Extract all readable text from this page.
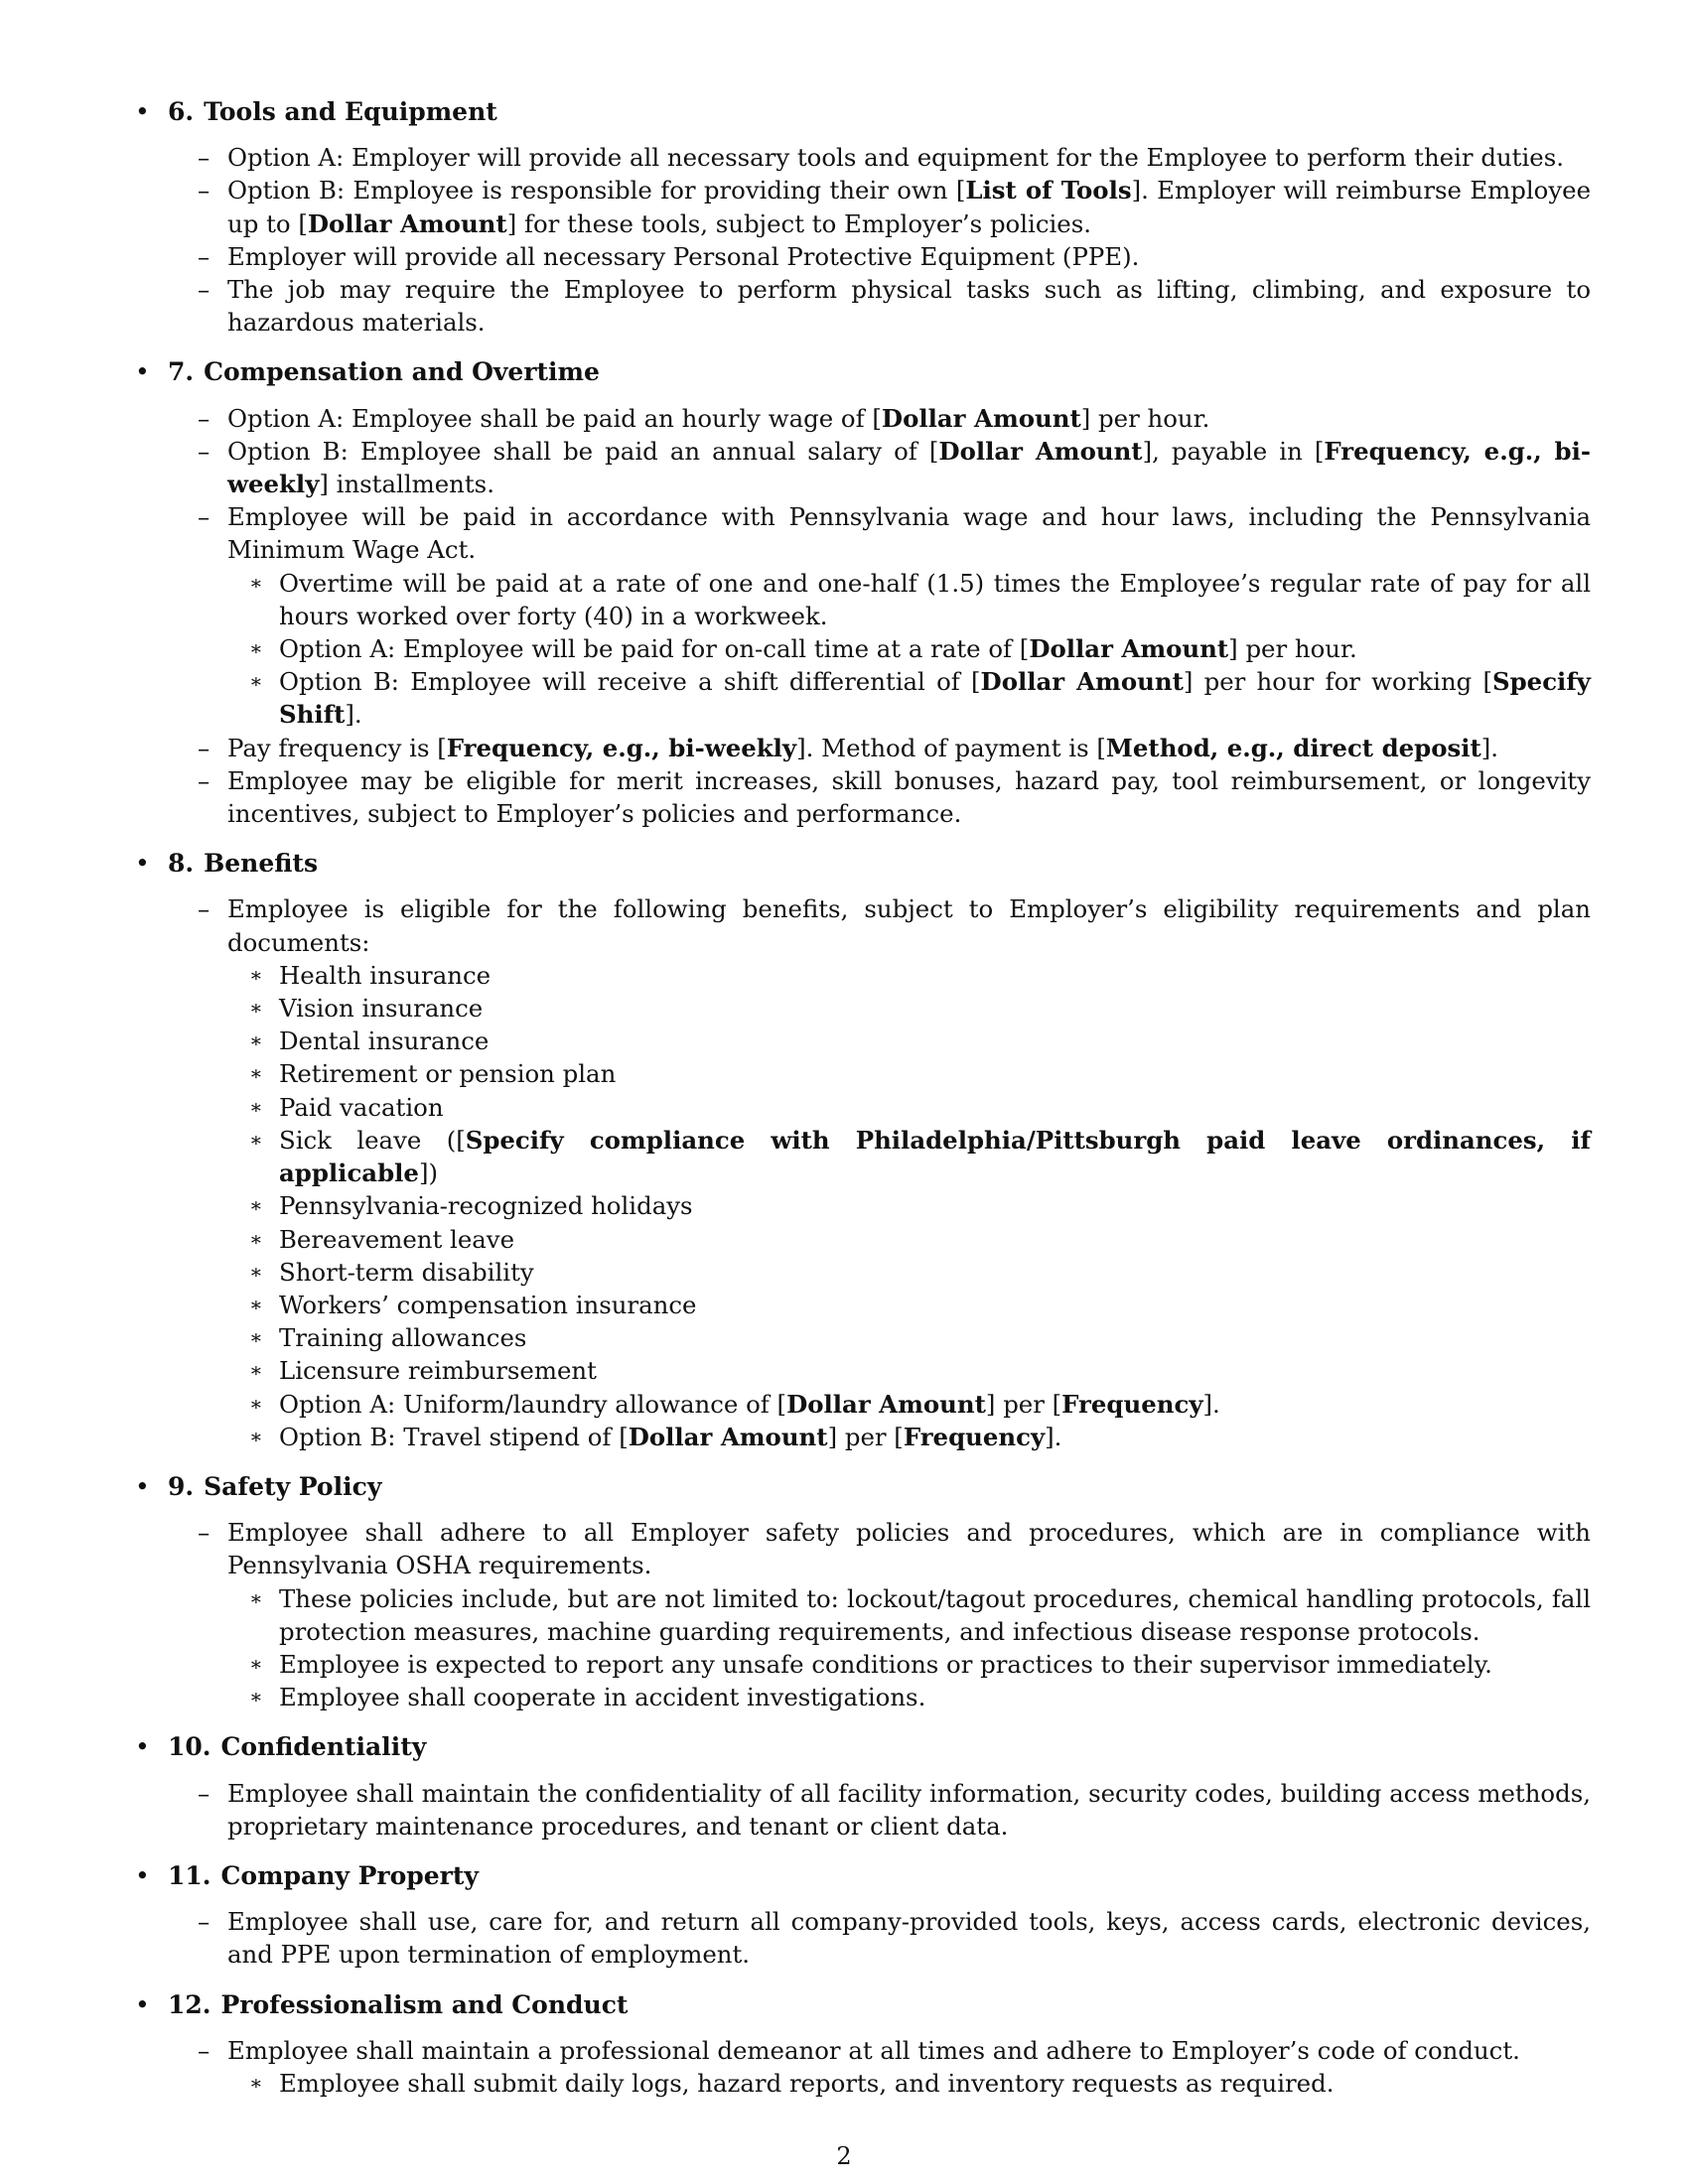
• 6. Tools and Equipment
– Option A: Employer will provide all necessary tools and equipment for the Employee to perform their duties.
– Option B: Employee is responsible for providing their own [List of Tools]. Employer will reimburse Employee up to [Dollar Amount] for these tools, subject to Employer’s policies.
– Employer will provide all necessary Personal Protective Equipment (PPE).
– The job may require the Employee to perform physical tasks such as lifting, climbing, and exposure to hazardous materials.
• 7. Compensation and Overtime
– Option A: Employee shall be paid an hourly wage of [Dollar Amount] per hour.
– Option B: Employee shall be paid an annual salary of [Dollar Amount], payable in [Frequency, e.g., bi-weekly] installments.
– Employee will be paid in accordance with Pennsylvania wage and hour laws, including the Pennsylvania Minimum Wage Act.
∗ Overtime will be paid at a rate of one and one-half (1.5) times the Employee’s regular rate of pay for all hours worked over forty (40) in a workweek.
∗ Option A: Employee will be paid for on-call time at a rate of [Dollar Amount] per hour.
∗ Option B: Employee will receive a shift differential of [Dollar Amount] per hour for working [Specify Shift].
– Pay frequency is [Frequency, e.g., bi-weekly]. Method of payment is [Method, e.g., direct deposit].
– Employee may be eligible for merit increases, skill bonuses, hazard pay, tool reimbursement, or longevity incentives, subject to Employer’s policies and performance.
• 8. Benefits
– Employee is eligible for the following benefits, subject to Employer’s eligibility requirements and plan documents:
∗ Health insurance
∗ Vision insurance
∗ Dental insurance
∗ Retirement or pension plan
∗ Paid vacation
∗ Sick leave ([Specify compliance with Philadelphia/Pittsburgh paid leave ordinances, if applicable])
∗ Pennsylvania-recognized holidays
∗ Bereavement leave
∗ Short-term disability
∗ Workers’ compensation insurance
∗ Training allowances
∗ Licensure reimbursement
∗ Option A: Uniform/laundry allowance of [Dollar Amount] per [Frequency].
∗ Option B: Travel stipend of [Dollar Amount] per [Frequency].
• 9. Safety Policy
– Employee shall adhere to all Employer safety policies and procedures, which are in compliance with Pennsylvania OSHA requirements.
∗ These policies include, but are not limited to: lockout/tagout procedures, chemical handling protocols, fall protection measures, machine guarding requirements, and infectious disease response protocols.
∗ Employee is expected to report any unsafe conditions or practices to their supervisor immediately.
∗ Employee shall cooperate in accident investigations.
• 10. Confidentiality
– Employee shall maintain the confidentiality of all facility information, security codes, building access methods, proprietary maintenance procedures, and tenant or client data.
• 11. Company Property
– Employee shall use, care for, and return all company-provided tools, keys, access cards, electronic devices, and PPE upon termination of employment.
• 12. Professionalism and Conduct
– Employee shall maintain a professional demeanor at all times and adhere to Employer’s code of conduct.
∗ Employee shall submit daily logs, hazard reports, and inventory requests as required.
2
